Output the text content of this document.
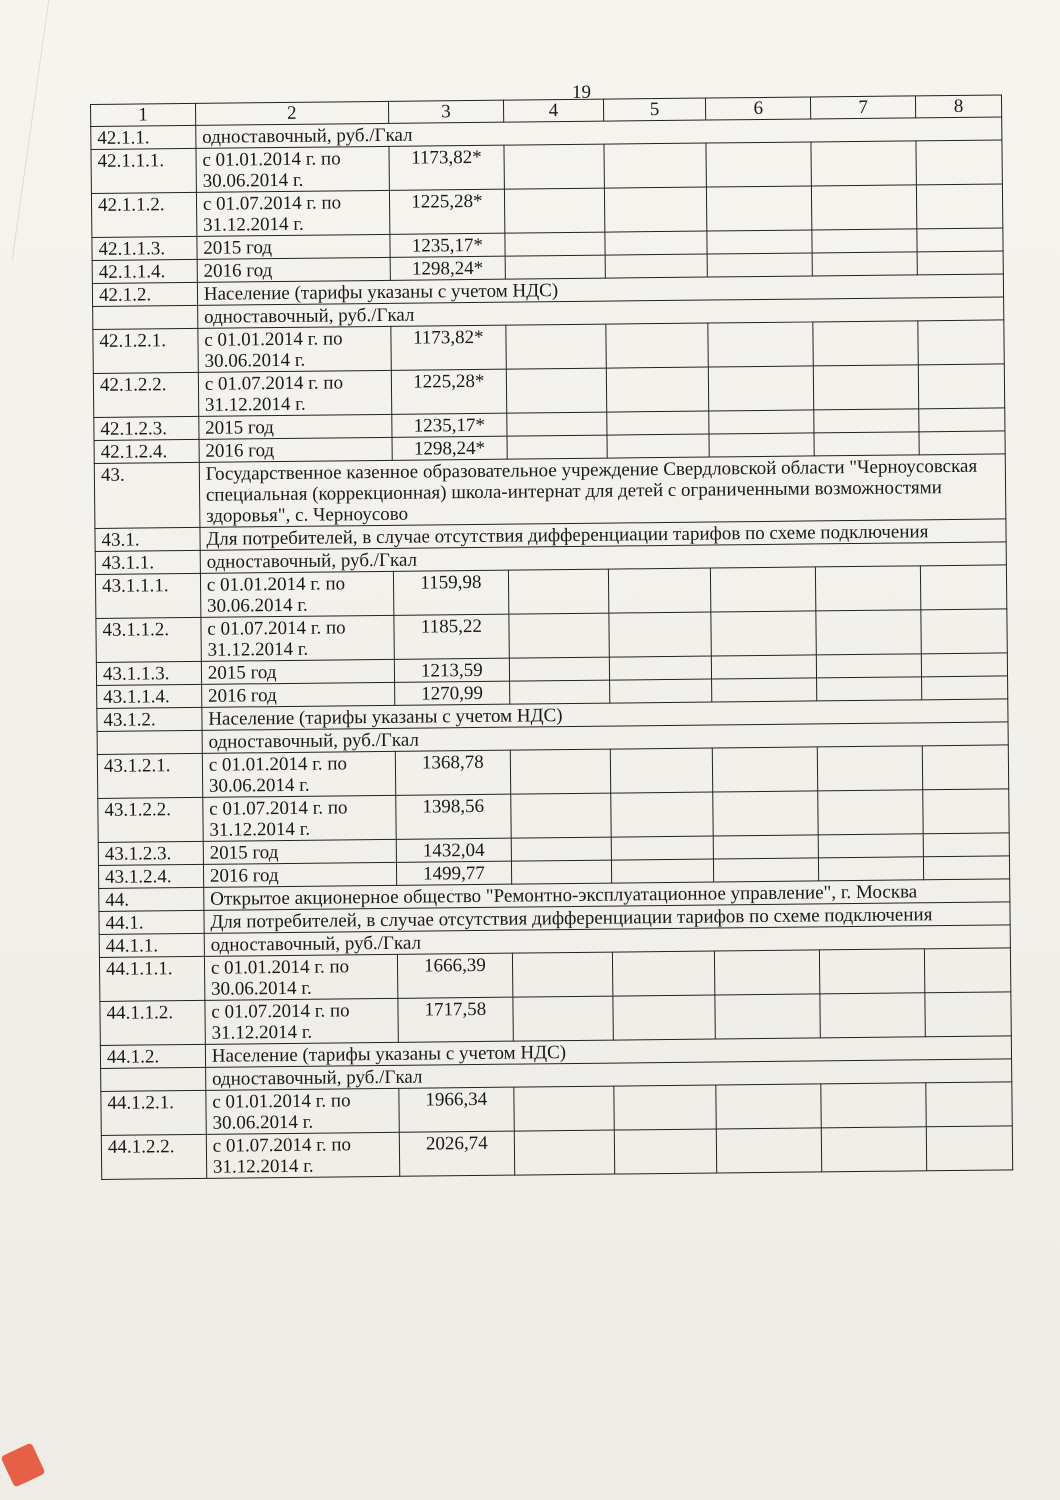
19
1	2	3	4	5	6	7	8
42.1.1.	одноставочный, руб./Гкал						
42.1.1.1.	с 01.01.2014 г. по 30.06.2014 г.	1173,82*					
42.1.1.2.	с 01.07.2014 г. по 31.12.2014 г.	1225,28*					
42.1.1.3.	2015 год	1235,17*					
42.1.1.4.	2016 год	1298,24*					
42.1.2.	Население (тарифы указаны с учетом НДС)						
	одноставочный, руб./Гкал						
42.1.2.1.	с 01.01.2014 г. по 30.06.2014 г.	1173,82*					
42.1.2.2.	с 01.07.2014 г. по 31.12.2014 г.	1225,28*					
42.1.2.3.	2015 год	1235,17*					
42.1.2.4.	2016 год	1298,24*					
43.	Государственное казенное образовательное учреждение Свердловской области "Черноусовская специальная (коррекционная) школа-интернат для детей с ограниченными возможностями здоровья", с. Черноусово						
43.1.	Для потребителей, в случае отсутствия дифференциации тарифов по схеме подключения						
43.1.1.	одноставочный, руб./Гкал						
43.1.1.1.	с 01.01.2014 г. по 30.06.2014 г.	1159,98					
43.1.1.2.	с 01.07.2014 г. по 31.12.2014 г.	1185,22					
43.1.1.3.	2015 год	1213,59					
43.1.1.4.	2016 год	1270,99					
43.1.2.	Население (тарифы указаны с учетом НДС)						
	одноставочный, руб./Гкал						
43.1.2.1.	с 01.01.2014 г. по 30.06.2014 г.	1368,78					
43.1.2.2.	с 01.07.2014 г. по 31.12.2014 г.	1398,56					
43.1.2.3.	2015 год	1432,04					
43.1.2.4.	2016 год	1499,77					
44.	Открытое акционерное общество "Ремонтно-эксплуатационное управление", г. Москва						
44.1.	Для потребителей, в случае отсутствия дифференциации тарифов по схеме подключения						
44.1.1.	одноставочный, руб./Гкал						
44.1.1.1.	с 01.01.2014 г. по 30.06.2014 г.	1666,39					
44.1.1.2.	с 01.07.2014 г. по 31.12.2014 г.	1717,58					
44.1.2.	Население (тарифы указаны с учетом НДС)						
	одноставочный, руб./Гкал						
44.1.2.1.	с 01.01.2014 г. по 30.06.2014 г.	1966,34					
44.1.2.2.	с 01.07.2014 г. по 31.12.2014 г.	2026,74					
